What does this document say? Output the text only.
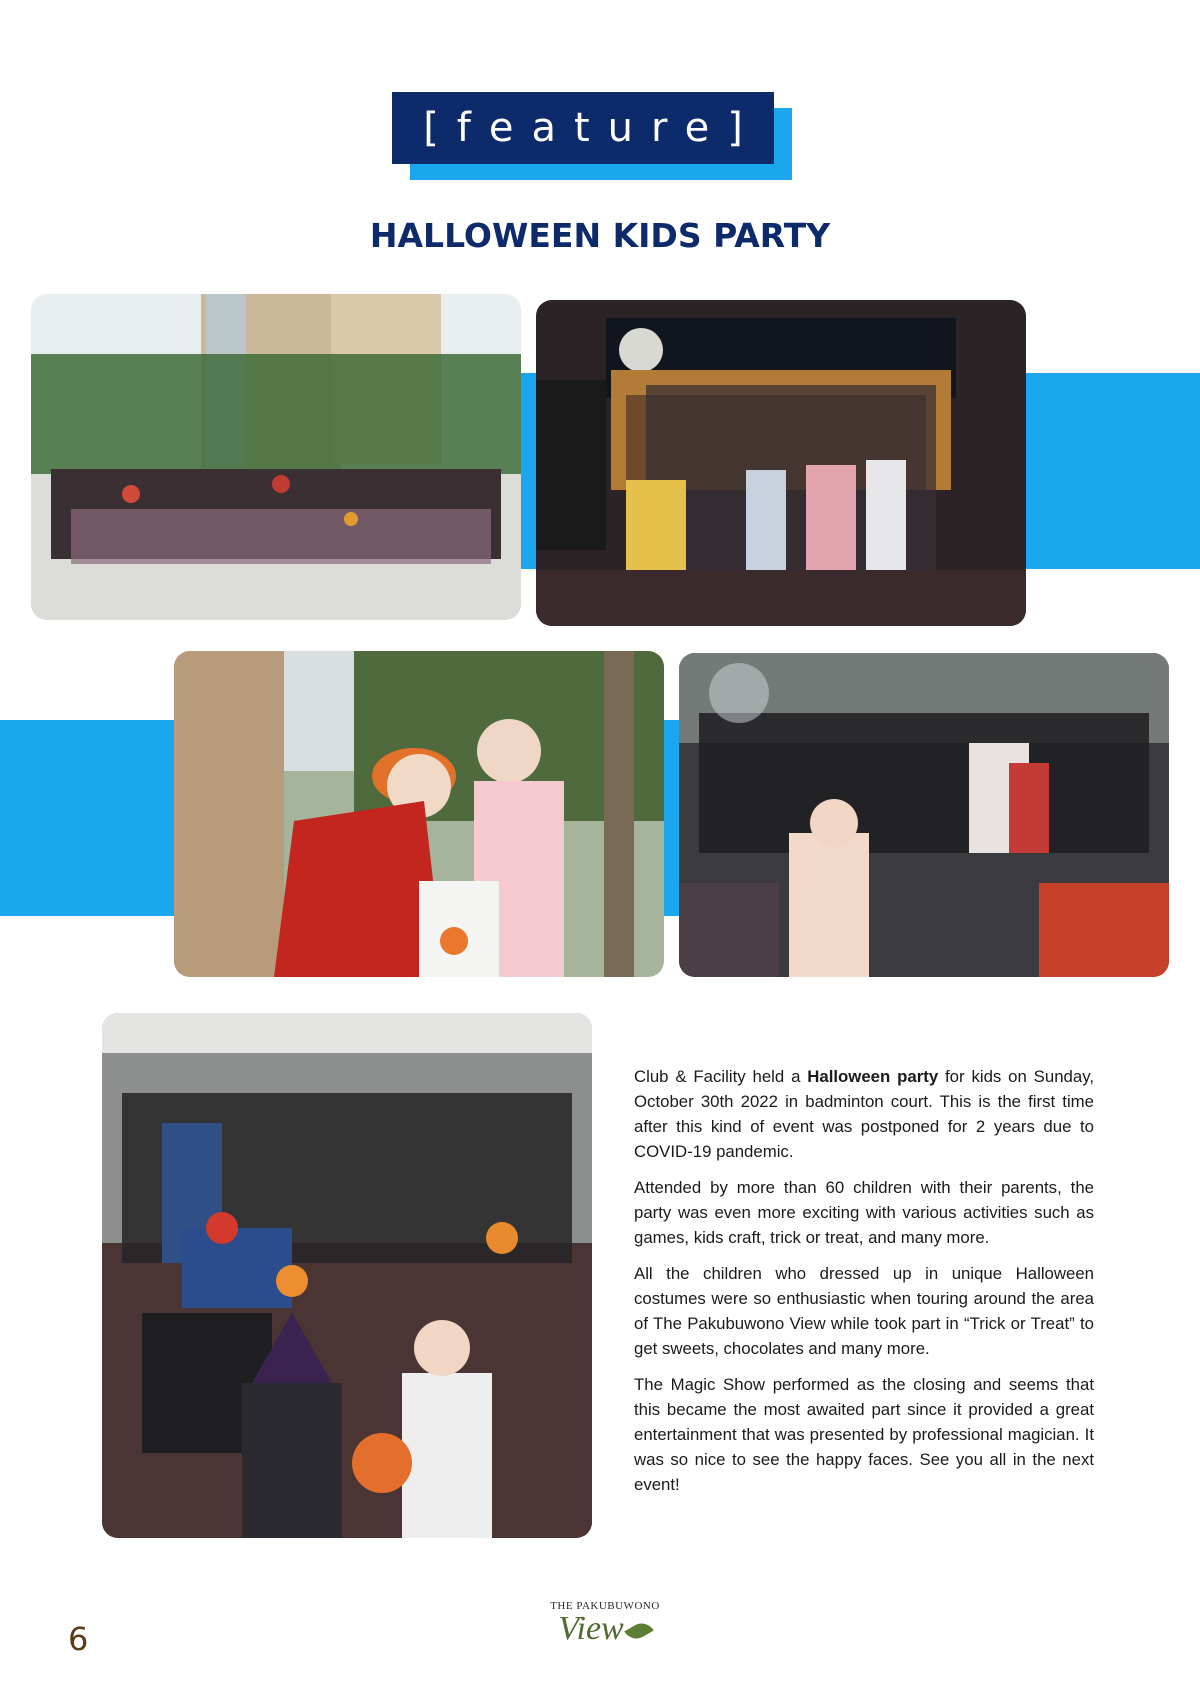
[feature]
HALLOWEEN KIDS PARTY

Club & Facility held a Halloween party for kids on Sunday, October 30th 2022 in badminton court. This is the first time after this kind of event was postponed for 2 years due to COVID-19 pandemic.

Attended by more than 60 children with their parents, the party was even more exciting with various activities such as games, kids craft, trick or treat, and many more.

All the children who dressed up in unique Halloween costumes were so enthusiastic when touring around the area of The Pakubuwono View while took part in “Trick or Treat” to get sweets, chocolates and many more.

The Magic Show performed as the closing and seems that this became the most awaited part since it provided a great entertainment that was presented by professional magician. It was so nice to see the happy faces. See you all in the next event!

6
THE PAKUBUWONO
View
